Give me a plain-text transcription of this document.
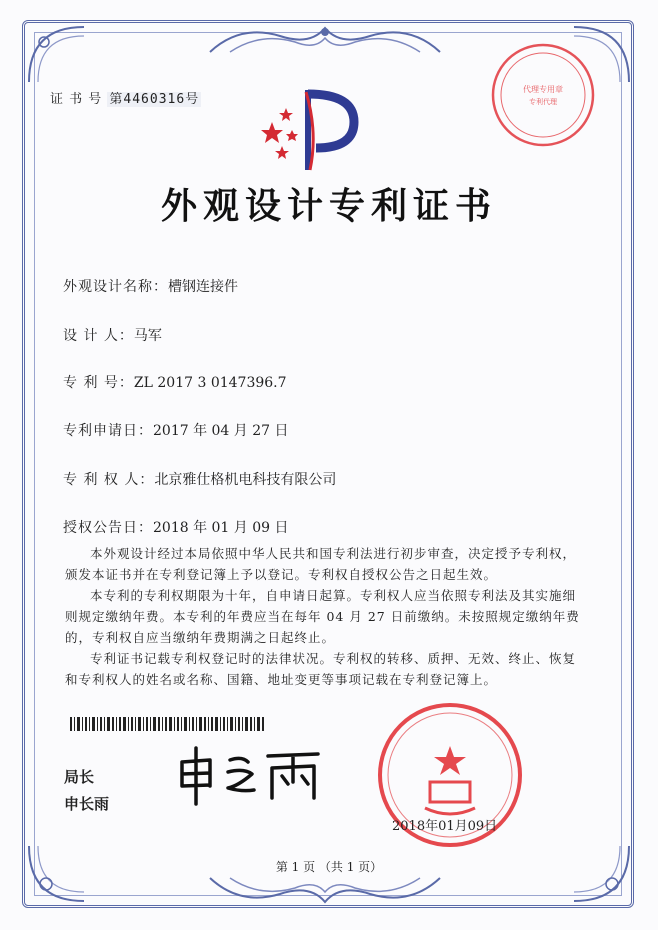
证 书 号 第4460316号
代理专用章
专利代理
外观设计专利证书
外观设计名称：槽钢连接件
设 计 人：马军
专 利 号：ZL 2017 3 0147396.7
专利申请日：2017 年 04 月 27 日
专 利 权 人：北京雅仕格机电科技有限公司
授权公告日：2018 年 01 月 09 日
本外观设计经过本局依照中华人民共和国专利法进行初步审查，决定授予专利权，颁发本证书并在专利登记簿上予以登记。专利权自授权公告之日起生效。
本专利的专利权期限为十年，自申请日起算。专利权人应当依照专利法及其实施细则规定缴纳年费。本专利的年费应当在每年 04 月 27 日前缴纳。未按照规定缴纳年费的，专利权自应当缴纳年费期满之日起终止。
专利证书记载专利权登记时的法律状况。专利权的转移、质押、无效、终止、恢复和专利权人的姓名或名称、国籍、地址变更等事项记载在专利登记簿上。
局长
申长雨
2018年01月09日
第 1 页 （共 1 页）
